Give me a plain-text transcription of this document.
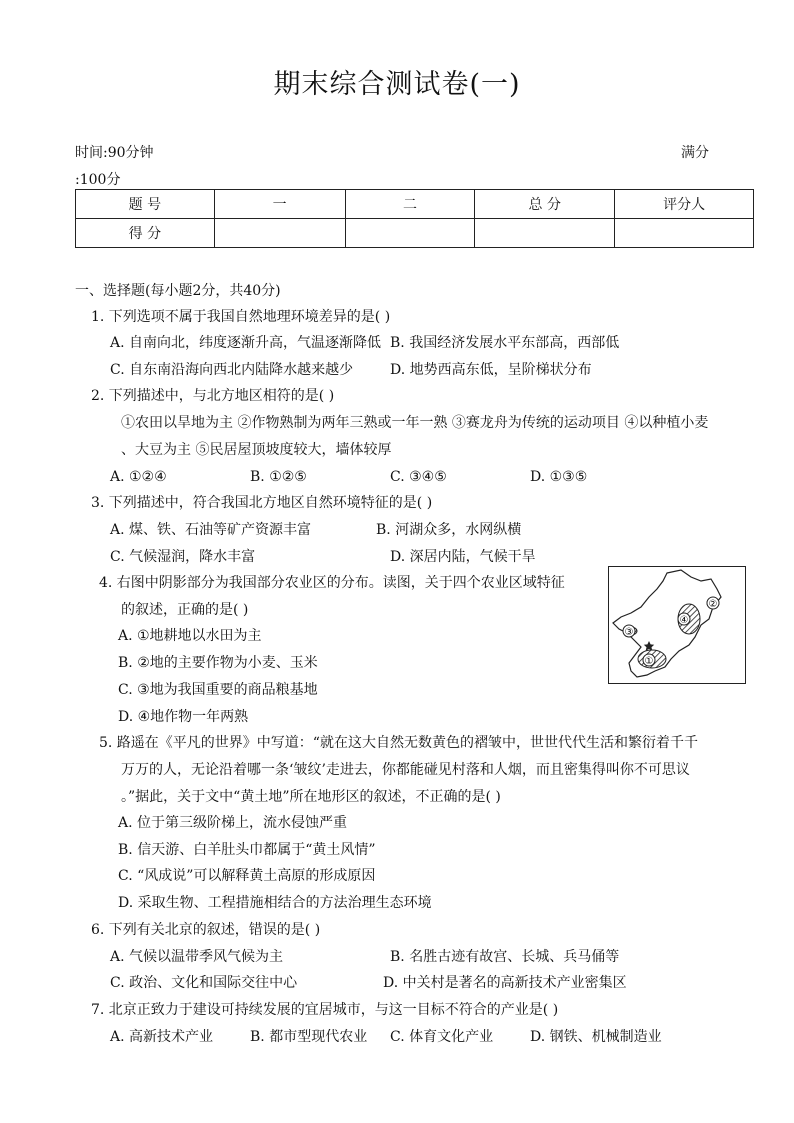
期末综合测试卷(一)
时间:90分钟	满分
:100分
题 号	一	二	总 分	评分人
得 分				
一、选择题(每小题2分，共40分)
1. 下列选项不属于我国自然地理环境差异的是( )
A. 自南向北，纬度逐渐升高，气温逐渐降低 B. 我国经济发展水平东部高，西部低
C. 自东南沿海向西北内陆降水越来越少	D. 地势西高东低，呈阶梯状分布
2. 下列描述中，与北方地区相符的是( )
①农田以旱地为主 ②作物熟制为两年三熟或一年一熟 ③赛龙舟为传统的运动项目 ④以种植小麦
、大豆为主 ⑤民居屋顶坡度较大，墙体较厚
A. ①②④	B. ①②⑤	C. ③④⑤	D. ①③⑤
3. 下列描述中，符合我国北方地区自然环境特征的是( )
A. 煤、铁、石油等矿产资源丰富	B. 河湖众多，水网纵横
C. 气候湿润，降水丰富	D. 深居内陆，气候干旱
4. 右图中阴影部分为我国部分农业区的分布。读图，关于四个农业区域特征
的叙述，正确的是( )
A. ①地耕地以水田为主
B. ②地的主要作物为小麦、玉米
C. ③地为我国重要的商品粮基地
D. ④地作物一年两熟
①
②
③
④
5. 路遥在《平凡的世界》中写道：“就在这大自然无数黄色的褶皱中，世世代代生活和繁衍着千千
万万的人，无论沿着哪一条‘皱纹’走进去，你都能碰见村落和人烟，而且密集得叫你不可思议
。”据此，关于文中“黄土地”所在地形区的叙述，不正确的是( )
A. 位于第三级阶梯上，流水侵蚀严重
B. 信天游、白羊肚头巾都属于“黄土风情”
C. “风成说”可以解释黄土高原的形成原因
D. 采取生物、工程措施相结合的方法治理生态环境
6. 下列有关北京的叙述，错误的是( )
A. 气候以温带季风气候为主	B. 名胜古迹有故宫、长城、兵马俑等
C. 政治、文化和国际交往中心	D. 中关村是著名的高新技术产业密集区
7. 北京正致力于建设可持续发展的宜居城市，与这一目标不符合的产业是( )
A. 高新技术产业	B. 都市型现代农业 C. 体育文化产业	D. 钢铁、机械制造业
